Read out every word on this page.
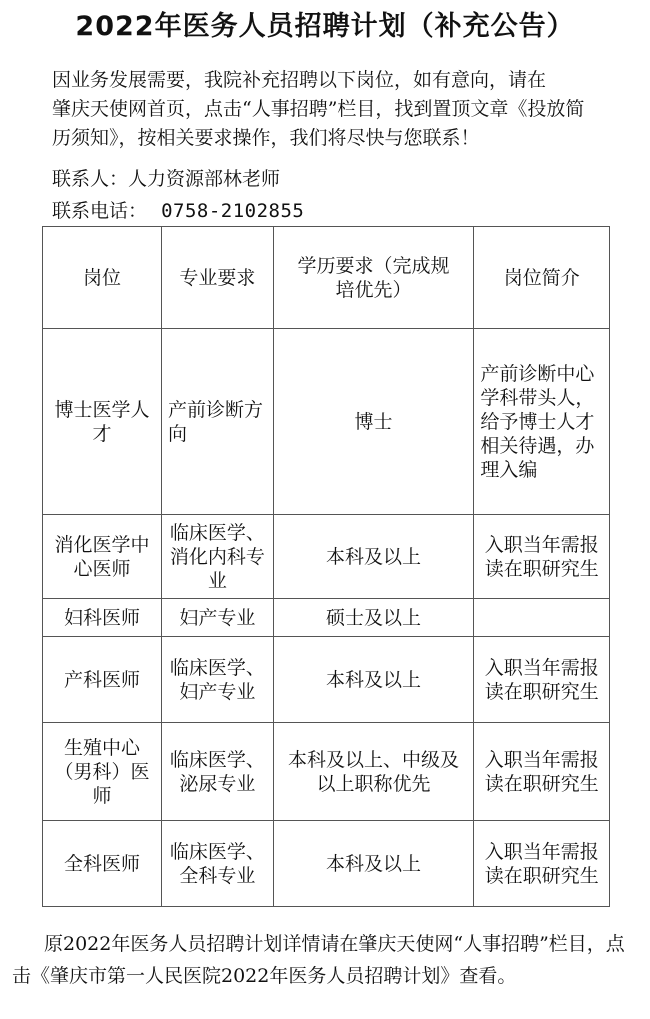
2022年医务人员招聘计划（补充公告）

因业务发展需要，我院补充招聘以下岗位，如有意向，请在

肇庆天使网首页，点击“人事招聘”栏目，找到置顶文章《投放简
历须知》，按相关要求操作，我们将尽快与您联系！
联系人：人力资源部林老师
联系电话： 0758-2102855
岗位	专业要求	学历要求（完成规培优先）	岗位简介
博士医学人才	产前诊断方向	博士	产前诊断中心学科带头人，给予博士人才相关待遇，办理入编
消化医学中心医师	临床医学、消化内科专业	本科及以上	入职当年需报读在职研究生
妇科医师	妇产专业	硕士及以上	
产科医师	临床医学、妇产专业	本科及以上	入职当年需报读在职研究生
生殖中心（男科）医师	临床医学、泌尿专业	本科及以上、中级及以上职称优先	入职当年需报读在职研究生
全科医师	临床医学、全科专业	本科及以上	入职当年需报读在职研究生

原2022年医务人员招聘计划详情请在肇庆天使网“人事招聘”栏目，点击《肇庆市第一人民医院2022年医务人员招聘计划》查看。
